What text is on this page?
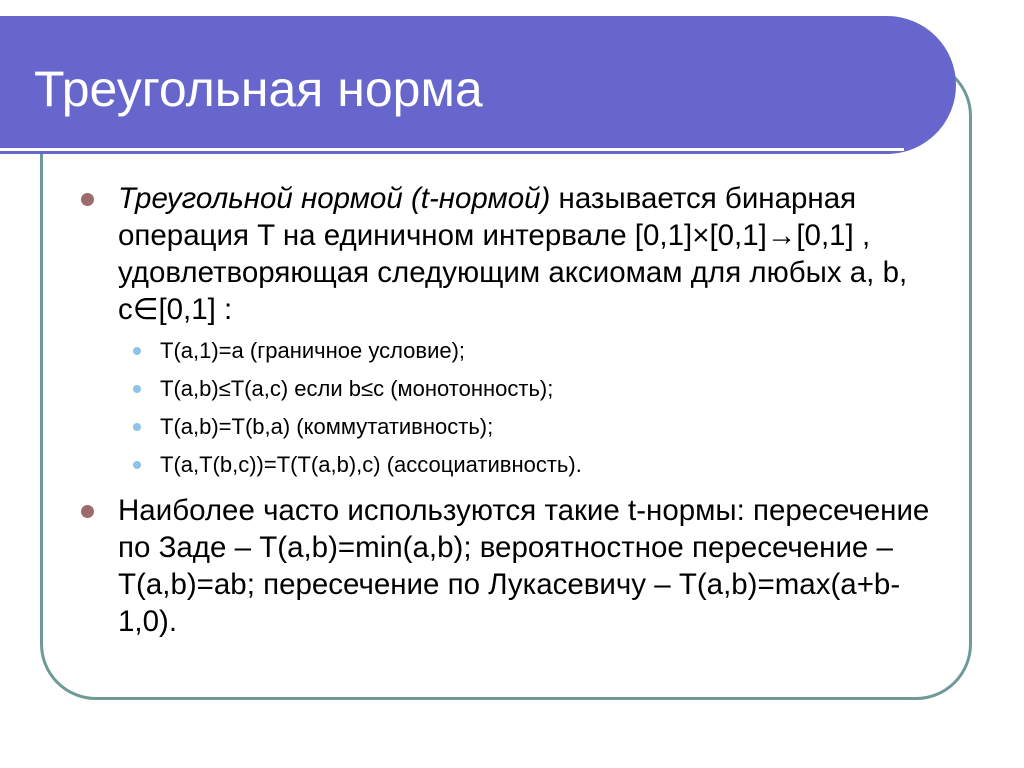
Треугольная норма
Треугольной нормой (t-нормой) называется бинарная операция T на единичном интервале [0,1]×[0,1]→[0,1] , удовлетворяющая следующим аксиомам для любых a, b, c∈[0,1] :
T(a,1)=a (граничное условие);
T(a,b)≤T(a,c) если b≤c (монотонность);
T(a,b)=T(b,a) (коммутативность);
T(a,T(b,c))=T(T(a,b),c) (ассоциативность).
Наиболее часто используются такие t-нормы: пересечение по Заде – T(a,b)=min(a,b); вероятностное пересечение – T(a,b)=ab; пересечение по Лукасевичу – T(a,b)=max(a+b-1,0).
